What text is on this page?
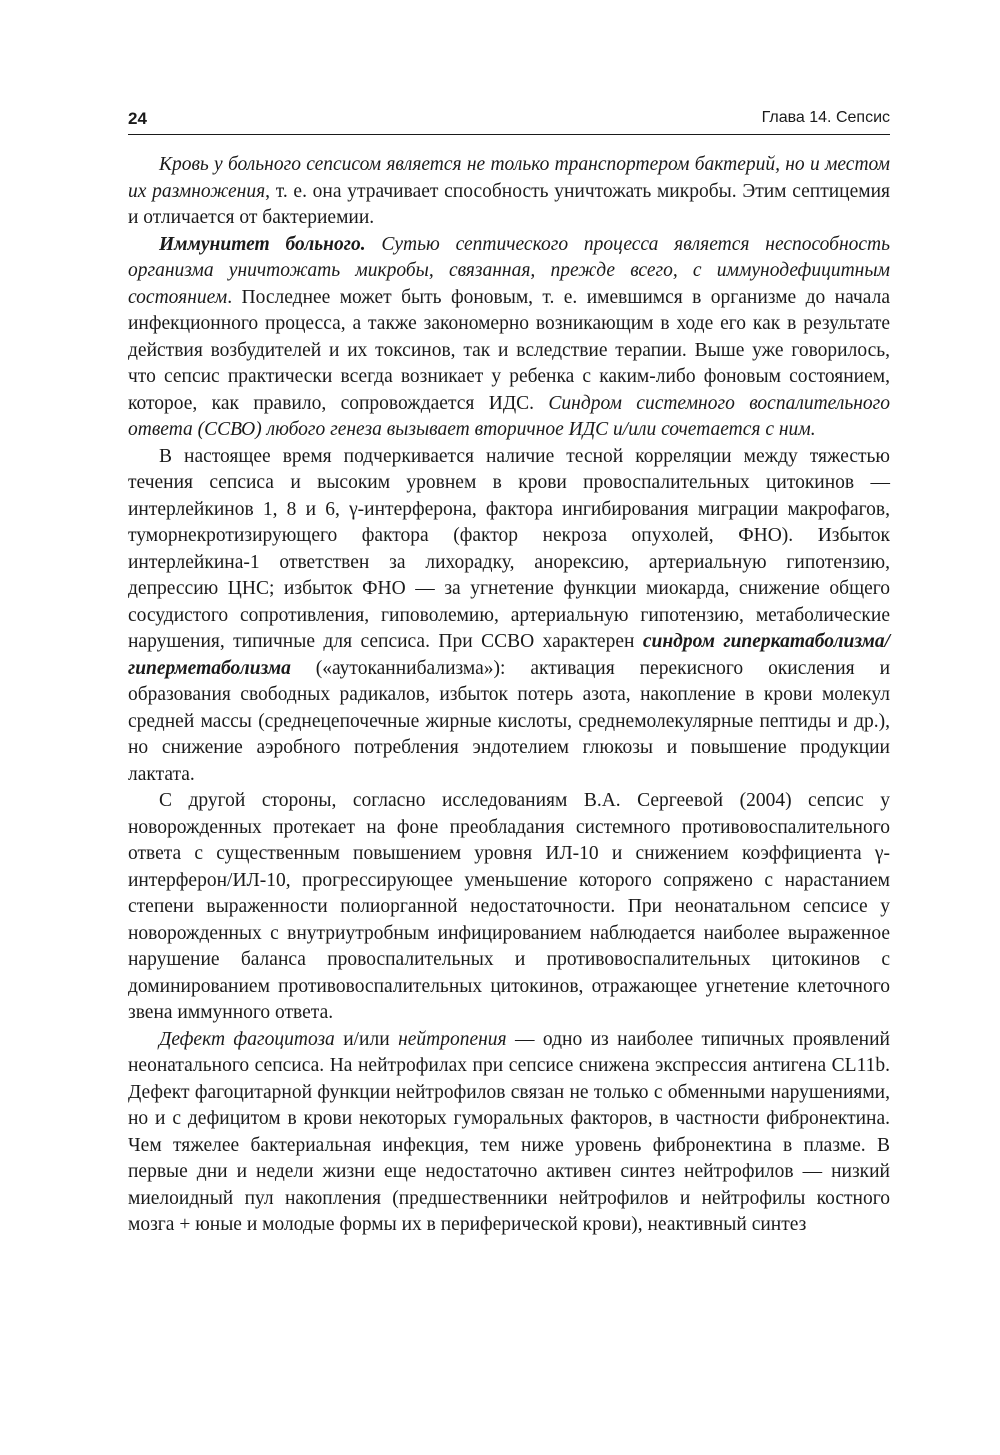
24	Глава 14. Сепсис

Кровь у больного сепсисом является не только транспортером бактерий, но и местом их размножения, т. е. она утрачивает способность уничтожать микробы. Этим септицемия и отличается от бактериемии.

Иммунитет больного. Сутью септического процесса является неспособность организма уничтожать микробы, связанная, прежде всего, с иммунодефицитным состоянием. Последнее может быть фоновым, т. е. имевшимся в организме до начала инфекционного процесса, а также закономерно возникающим в ходе его как в результате действия возбудителей и их токсинов, так и вследствие терапии. Выше уже говорилось, что сепсис практически всегда возникает у ребенка с каким-либо фоновым состоянием, которое, как правило, сопровождается ИДС. Синдром системного воспалительного ответа (ССВО) любого генеза вызывает вторичное ИДС и/или сочетается с ним.

В настоящее время подчеркивается наличие тесной корреляции между тяжестью течения сепсиса и высоким уровнем в крови провоспалительных цитокинов — интерлейкинов 1, 8 и 6, γ-интерферона, фактора ингибирования миграции макрофагов, туморнекротизирующего фактора (фактор некроза опухолей, ФНО). Избыток интерлейкина-1 ответствен за лихорадку, анорексию, артериальную гипотензию, депрессию ЦНС; избыток ФНО — за угнетение функции миокарда, снижение общего сосудистого сопротивления, гиповолемию, артериальную гипотензию, метаболические нарушения, типичные для сепсиса. При ССВО характерен синдром гиперкатаболизма/гиперметаболизма («аутоканнибализма»): активация перекисного окисления и образования свободных радикалов, избыток потерь азота, накопление в крови молекул средней массы (среднецепочечные жирные кислоты, среднемолекулярные пептиды и др.), но снижение аэробного потребления эндотелием глюкозы и повышение продукции лактата.

С другой стороны, согласно исследованиям В.А. Сергеевой (2004) сепсис у новорожденных протекает на фоне преобладания системного противовоспалительного ответа с существенным повышением уровня ИЛ-10 и снижением коэффициента γ-интерферон/ИЛ-10, прогрессирующее уменьшение которого сопряжено с нарастанием степени выраженности полиорганной недостаточности. При неонатальном сепсисе у новорожденных с внутриутробным инфицированием наблюдается наиболее выраженное нарушение баланса провоспалительных и противовоспалительных цитокинов с доминированием противовоспалительных цитокинов, отражающее угнетение клеточного звена иммунного ответа.

Дефект фагоцитоза и/или нейтропения — одно из наиболее типичных проявлений неонатального сепсиса. На нейтрофилах при сепсисе снижена экспрессия антигена CL11b. Дефект фагоцитарной функции нейтрофилов связан не только с обменными нарушениями, но и с дефицитом в крови некоторых гуморальных факторов, в частности фибронектина. Чем тяжелее бактериальная инфекция, тем ниже уровень фибронектина в плазме. В первые дни и недели жизни еще недостаточно активен синтез нейтрофилов — низкий миелоидный пул накопления (предшественники нейтрофилов и нейтрофилы костного мозга + юные и молодые формы их в периферической крови), неактивный синтез
